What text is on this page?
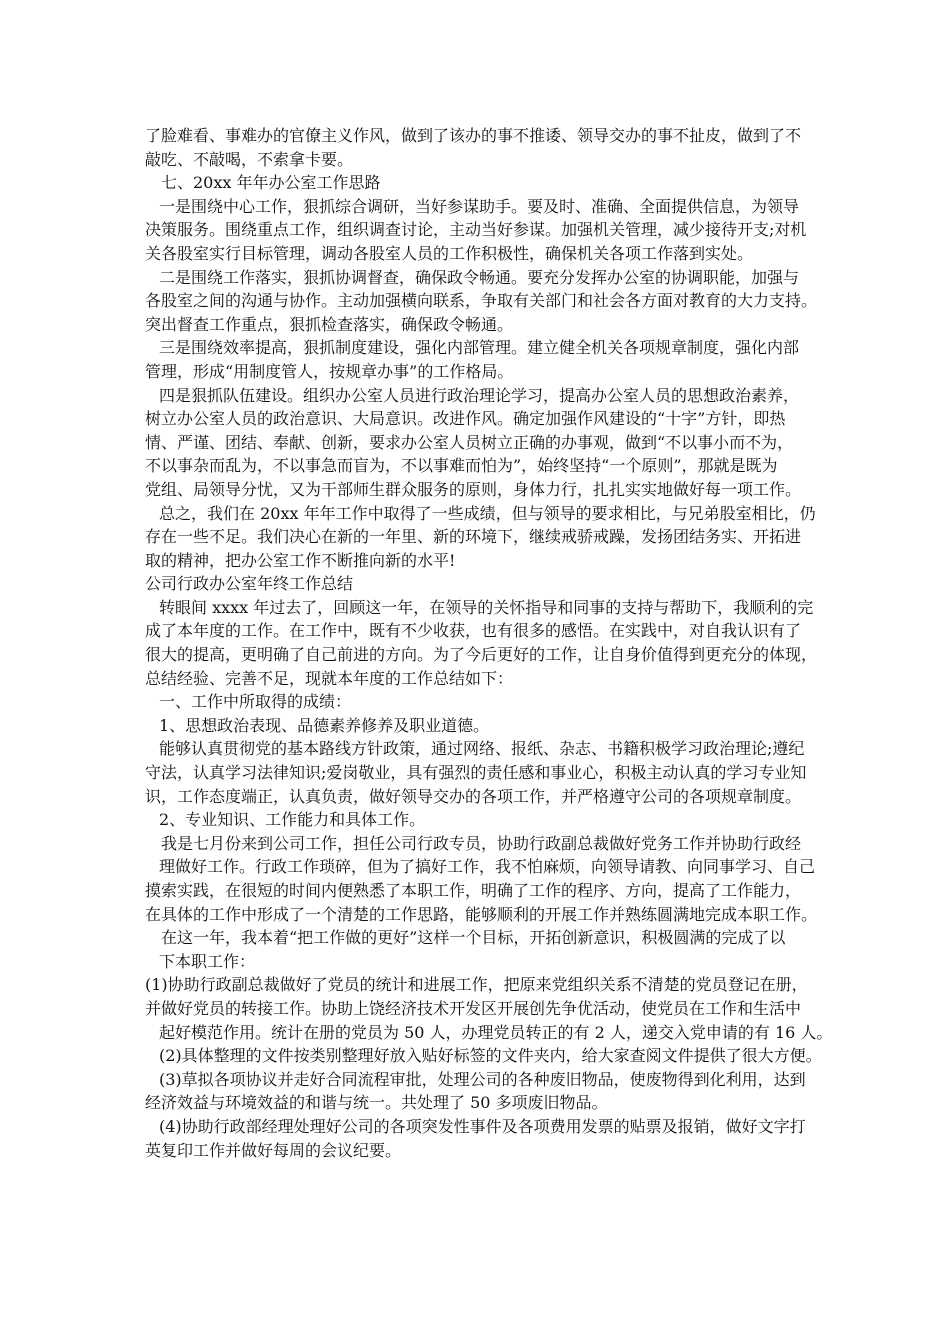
了脸难看、事难办的官僚主义作风，做到了该办的事不推诿、领导交办的事不扯皮，做到了不
敲吃、不敲喝，不索拿卡要。
七、20xx 年年办公室工作思路
一是围绕中心工作，狠抓综合调研，当好参谋助手。要及时、准确、全面提供信息，为领导
决策服务。围绕重点工作，组织调查讨论，主动当好参谋。加强机关管理，减少接待开支;对机
关各股室实行目标管理，调动各股室人员的工作积极性，确保机关各项工作落到实处。
二是围绕工作落实，狠抓协调督查，确保政令畅通。要充分发挥办公室的协调职能，加强与
各股室之间的沟通与协作。主动加强横向联系，争取有关部门和社会各方面对教育的大力支持。
突出督查工作重点，狠抓检查落实，确保政令畅通。
三是围绕效率提高，狠抓制度建设，强化内部管理。建立健全机关各项规章制度，强化内部
管理，形成“用制度管人，按规章办事”的工作格局。
四是狠抓队伍建设。组织办公室人员进行政治理论学习，提高办公室人员的思想政治素养，
树立办公室人员的政治意识、大局意识。改进作风。确定加强作风建设的“十字”方针，即热
情、严谨、团结、奉献、创新，要求办公室人员树立正确的办事观，做到“不以事小而不为，
不以事杂而乱为，不以事急而盲为，不以事难而怕为”，始终坚持“一个原则”，那就是既为
党组、局领导分忧，又为干部师生群众服务的原则，身体力行，扎扎实实地做好每一项工作。
总之，我们在 20xx 年年工作中取得了一些成绩，但与领导的要求相比，与兄弟股室相比，仍
存在一些不足。我们决心在新的一年里、新的环境下，继续戒骄戒躁，发扬团结务实、开拓进
取的精神，把办公室工作不断推向新的水平!
公司行政办公室年终工作总结
转眼间 xxxx 年过去了，回顾这一年，在领导的关怀指导和同事的支持与帮助下，我顺利的完
成了本年度的工作。在工作中，既有不少收获，也有很多的感悟。在实践中，对自我认识有了
很大的提高，更明确了自己前进的方向。为了今后更好的工作，让自身价值得到更充分的体现，
总结经验、完善不足，现就本年度的工作总结如下：
一、工作中所取得的成绩：
1、思想政治表现、品德素养修养及职业道德。
能够认真贯彻党的基本路线方针政策，通过网络、报纸、杂志、书籍积极学习政治理论;遵纪
守法，认真学习法律知识;爱岗敬业，具有强烈的责任感和事业心，积极主动认真的学习专业知
识，工作态度端正，认真负责，做好领导交办的各项工作，并严格遵守公司的各项规章制度。
2、专业知识、工作能力和具体工作。
我是七月份来到公司工作，担任公司行政专员，协助行政副总裁做好党务工作并协助行政经
理做好工作。行政工作琐碎，但为了搞好工作，我不怕麻烦，向领导请教、向同事学习、自己
摸索实践，在很短的时间内便熟悉了本职工作，明确了工作的程序、方向，提高了工作能力，
在具体的工作中形成了一个清楚的工作思路，能够顺利的开展工作并熟练圆满地完成本职工作。
在这一年，我本着“把工作做的更好”这样一个目标，开拓创新意识，积极圆满的完成了以
下本职工作：
(1)协助行政副总裁做好了党员的统计和进展工作，把原来党组织关系不清楚的党员登记在册，
并做好党员的转接工作。协助上饶经济技术开发区开展创先争优活动，使党员在工作和生活中
起好模范作用。统计在册的党员为 50 人，办理党员转正的有 2 人，递交入党申请的有 16 人。
(2)具体整理的文件按类别整理好放入贴好标签的文件夹内，给大家查阅文件提供了很大方便。
(3)草拟各项协议并走好合同流程审批，处理公司的各种废旧物品，使废物得到化利用，达到
经济效益与环境效益的和谐与统一。共处理了 50 多项废旧物品。
(4)协助行政部经理处理好公司的各项突发性事件及各项费用发票的贴票及报销，做好文字打
英复印工作并做好每周的会议纪要。
